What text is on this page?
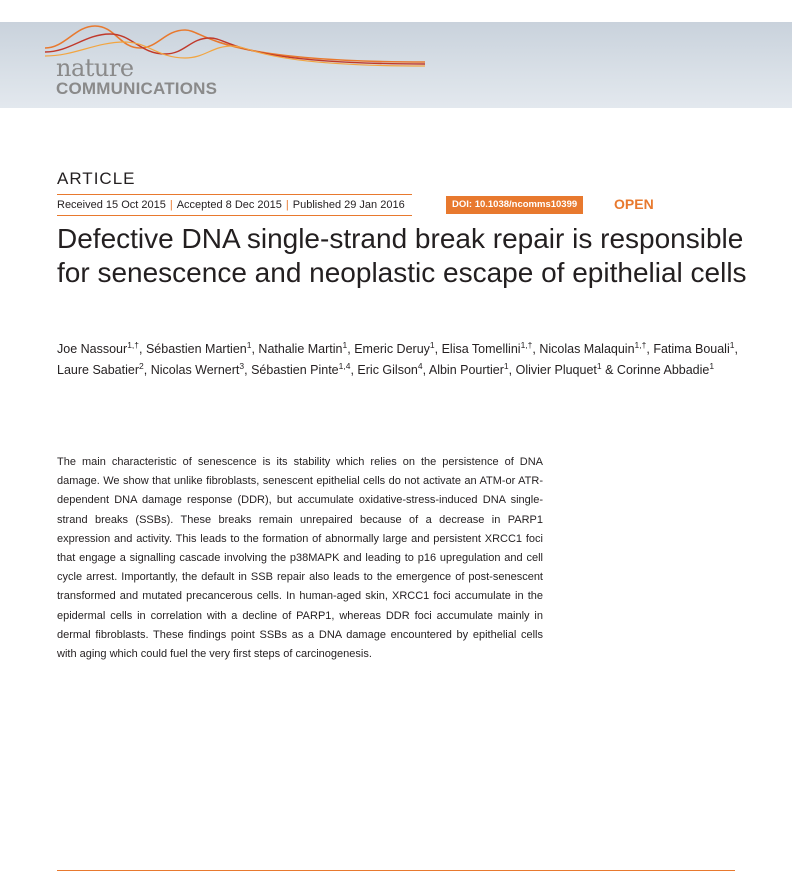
nature
COMMUNICATIONS
ARTICLE
Received 15 Oct 2015 | Accepted 8 Dec 2015 | Published 29 Jan 2016	DOI: 10.1038/ncomms10399	OPEN
Defective DNA single-strand break repair is responsible for senescence and neoplastic escape of epithelial cells
Joe Nassour$^{1,\dagger}$, Sébastien Martien$^1$, Nathalie Martin$^1$, Emeric Deruy$^1$, Elisa Tomellini$^{1,\dagger}$, Nicolas Malaquin$^{1,\dagger}$, Fatima Bouali$^1$, Laure Sabatier$^2$, Nicolas Wernert$^3$, Sébastien Pinte$^{1,4}$, Eric Gilson$^4$, Albin Pourtier$^1$, Olivier Pluquet$^1$ & Corinne Abbadie$^1$

The main characteristic of senescence is its stability which relies on the persistence of DNA damage. We show that unlike fibroblasts, senescent epithelial cells do not activate an ATM-or ATR-dependent DNA damage response (DDR), but accumulate oxidative-stress-induced DNA single-strand breaks (SSBs). These breaks remain unrepaired because of a decrease in PARP1 expression and activity. This leads to the formation of abnormally large and persistent XRCC1 foci that engage a signalling cascade involving the p38MAPK and leading to p16 upregulation and cell cycle arrest. Importantly, the default in SSB repair also leads to the emergence of post-senescent transformed and mutated precancerous cells. In human-aged skin, XRCC1 foci accumulate in the epidermal cells in correlation with a decline of PARP1, whereas DDR foci accumulate mainly in dermal fibroblasts. These findings point SSBs as a DNA damage encountered by epithelial cells with aging which could fuel the very first steps of carcinogenesis.
